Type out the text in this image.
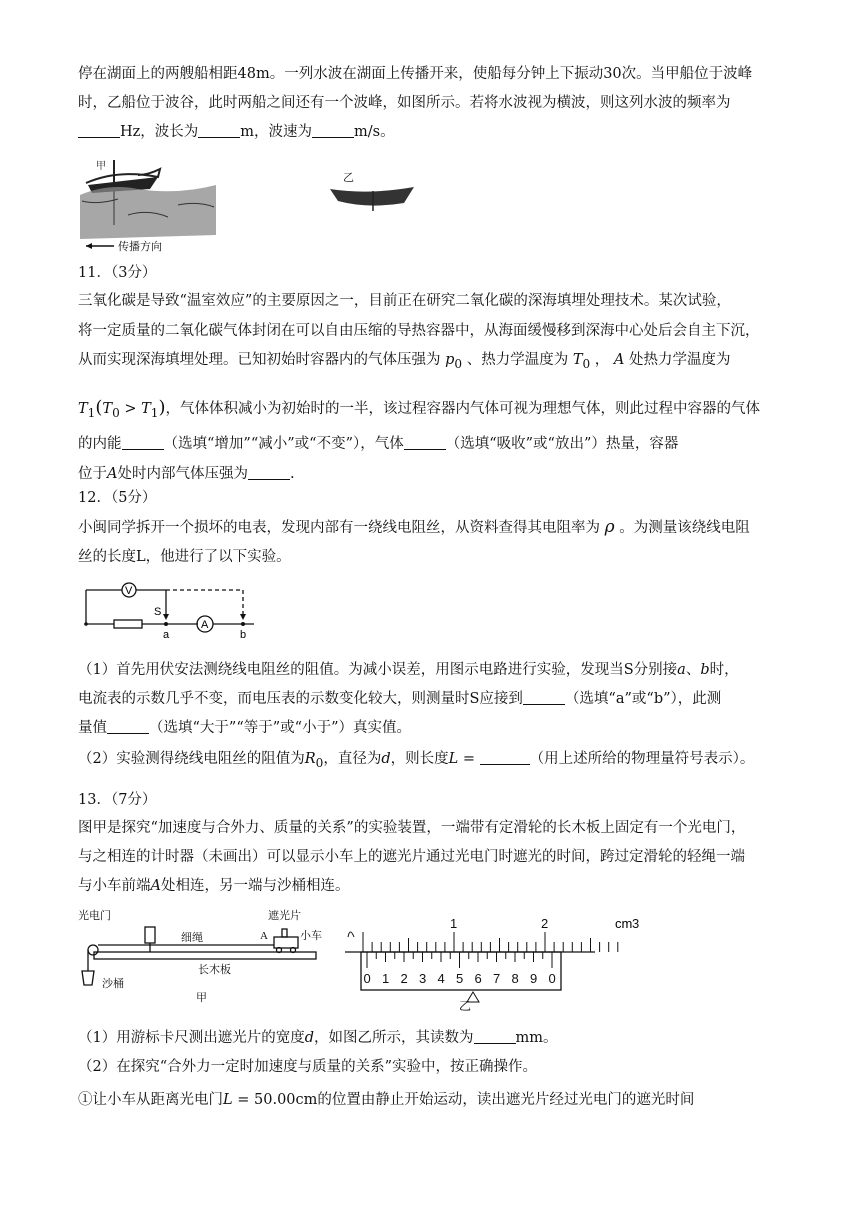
停在湖面上的两艘船相距48m。一列水波在湖面上传播开来，使船每分钟上下振动30次。当甲船位于波峰
时，乙船位于波谷，此时两船之间还有一个波峰，如图所示。若将水波视为横波，则这列水波的频率为
Hz，波长为	m，波速为	m/s。
甲
传播方向
乙
11．（3分）
三氧化碳是导致“温室效应”的主要原因之一，目前正在研究二氧化碳的深海填埋处理技术。某次试验，
将一定质量的二氧化碳气体封闭在可以自由压缩的导热容器中，从海面缓慢移到深海中心处后会自主下沉，
从而实现深海填埋处理。已知初始时容器内的气体压强为 $p_0$ 、热力学温度为 $T_0$ ， A 处热力学温度为
$T_1(T_0 > T_1)$，气体体积减小为初始时的一半，该过程容器内气体可视为理想气体，则此过程中容器的气体
的内能	（选填“增加”“减小”或“不变”），气体	（选填“吸收”或“放出”）热量，容器
位于A处时内部气体压强为	.
12．（5分）
小闽同学拆开一个损坏的电表，发现内部有一绕线电阻丝，从资料查得其电阻率为 ρ 。为测量该绕线电阻
丝的长度L，他进行了以下实验。
V
A
S
a	b
（1）首先用伏安法测绕线电阻丝的阻值。为减小误差，用图示电路进行实验，发现当S分别接a、b时，
电流表的示数几乎不变，而电压表的示数变化较大，则测量时S应接到	（选填“a”或“b”），此测
量值	（选填“大于”“等于”或“小于”）真实值。
（2）实验测得绕线电阻丝的阻值为$R_0$，直径为d，则长度L =	（用上述所给的物理量符号表示）。
13．（7分）
图甲是探究“加速度与合外力、质量的关系”的实验装置，一端带有定滑轮的长木板上固定有一个光电门，
与之相连的计时器（未画出）可以显示小车上的遮光片通过光电门时遮光的时间，跨过定滑轮的轻绳一端
与小车前端A处相连，另一端与沙桶相连。
光电门	遮光片
细绳	A	小车
长木板
沙桶
甲
1	2	3
cm
0 1 2 3 4 5 6 7 8 9 0
乙
（1）用游标卡尺测出遮光片的宽度d，如图乙所示，其读数为	mm。
（2）在探究“合外力一定时加速度与质量的关系”实验中，按正确操作。
①让小车从距离光电门L = 50.00cm的位置由静止开始运动，读出遮光片经过光电门的遮光时间
